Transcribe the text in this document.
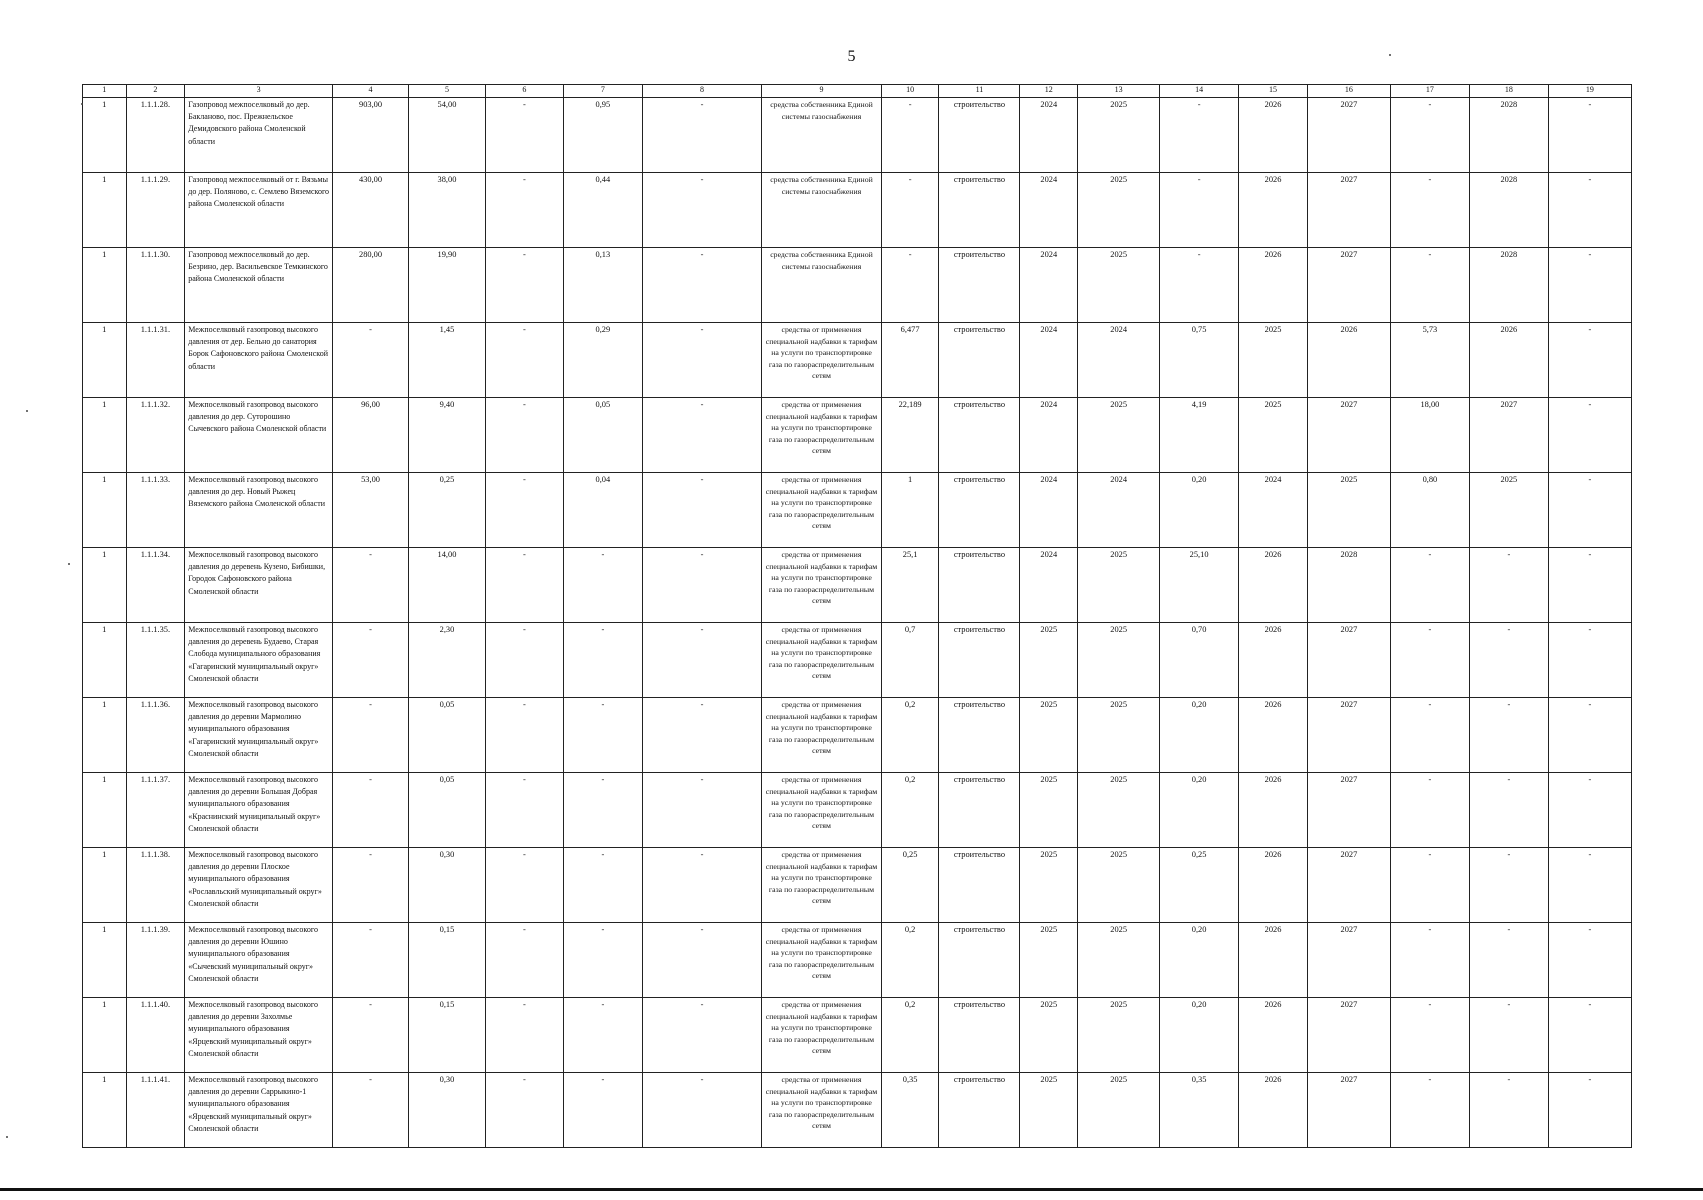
5
1	2	3	4	5	6	7	8	9	10	11	12	13	14	15	16	17	18	19
1	1.1.1.28.	Газопровод межпоселковый до дер. Бакланово, пос. Прежнельское Демидовского района Смоленской области	903,00	54,00	-	0,95	-	средства собственника Единой системы газоснабжения	-	строительство	2024	2025	-	2026	2027	-	2028	-
1	1.1.1.29.	Газопровод межпоселковый от г. Вязьмы до дер. Поляново, с. Семлево Вяземского района Смоленской области	430,00	38,00	-	0,44	-	средства собственника Единой системы газоснабжения	-	строительство	2024	2025	-	2026	2027	-	2028	-
1	1.1.1.30.	Газопровод межпоселковый до дер. Безрино, дер. Васильевское Темкинского района Смоленской области	280,00	19,90	-	0,13	-	средства собственника Единой системы газоснабжения	-	строительство	2024	2025	-	2026	2027	-	2028	-
1	1.1.1.31.	Межпоселковый газопровод высокого давления от дер. Бельно до санатория Борок Сафоновского района Смоленской области	-	1,45	-	0,29	-	средства от применения специальной надбавки к тарифам на услуги по транспортировке газа по газораспределительным сетям	6,477	строительство	2024	2024	0,75	2025	2026	5,73	2026	-
1	1.1.1.32.	Межпоселковый газопровод высокого давления до дер. Суторошино Сычевского района Смоленской области	96,00	9,40	-	0,05	-	средства от применения специальной надбавки к тарифам на услуги по транспортировке газа по газораспределительным сетям	22,189	строительство	2024	2025	4,19	2025	2027	18,00	2027	-
1	1.1.1.33.	Межпоселковый газопровод высокого давления до дер. Новый Рыжец Вяземского района Смоленской области	53,00	0,25	-	0,04	-	средства от применения специальной надбавки к тарифам на услуги по транспортировке газа по газораспределительным сетям	1	строительство	2024	2024	0,20	2024	2025	0,80	2025	-
1	1.1.1.34.	Межпоселковый газопровод высокого давления до деревень Кузено, Бибишки, Городок Сафоновского района Смоленской области	-	14,00	-	-	-	средства от применения специальной надбавки к тарифам на услуги по транспортировке газа по газораспределительным сетям	25,1	строительство	2024	2025	25,10	2026	2028	-	-	-
1	1.1.1.35.	Межпоселковый газопровод высокого давления до деревень Будаево, Старая Слобода муниципального образования «Гагаринский муниципальный округ» Смоленской области	-	2,30	-	-	-	средства от применения специальной надбавки к тарифам на услуги по транспортировке газа по газораспределительным сетям	0,7	строительство	2025	2025	0,70	2026	2027	-	-	-
1	1.1.1.36.	Межпоселковый газопровод высокого давления до деревни Мармолино муниципального образования «Гагаринский муниципальный округ» Смоленской области	-	0,05	-	-	-	средства от применения специальной надбавки к тарифам на услуги по транспортировке газа по газораспределительным сетям	0,2	строительство	2025	2025	0,20	2026	2027	-	-	-
1	1.1.1.37.	Межпоселковый газопровод высокого давления до деревни Большая Добрая муниципального образования «Краснинский муниципальный округ» Смоленской области	-	0,05	-	-	-	средства от применения специальной надбавки к тарифам на услуги по транспортировке газа по газораспределительным сетям	0,2	строительство	2025	2025	0,20	2026	2027	-	-	-
1	1.1.1.38.	Межпоселковый газопровод высокого давления до деревни Плоское муниципального образования «Рославльский муниципальный округ» Смоленской области	-	0,30	-	-	-	средства от применения специальной надбавки к тарифам на услуги по транспортировке газа по газораспределительным сетям	0,25	строительство	2025	2025	0,25	2026	2027	-	-	-
1	1.1.1.39.	Межпоселковый газопровод высокого давления до деревни Юшино муниципального образования «Сычевский муниципальный округ» Смоленской области	-	0,15	-	-	-	средства от применения специальной надбавки к тарифам на услуги по транспортировке газа по газораспределительным сетям	0,2	строительство	2025	2025	0,20	2026	2027	-	-	-
1	1.1.1.40.	Межпоселковый газопровод высокого давления до деревни Захолмье муниципального образования «Ярцевский муниципальный округ» Смоленской области	-	0,15	-	-	-	средства от применения специальной надбавки к тарифам на услуги по транспортировке газа по газораспределительным сетям	0,2	строительство	2025	2025	0,20	2026	2027	-	-	-
1	1.1.1.41.	Межпоселковый газопровод высокого давления до деревни Capрыкино-1 муниципального образования «Ярцевский муниципальный округ» Смоленской области	-	0,30	-	-	-	средства от применения специальной надбавки к тарифам на услуги по транспортировке газа по газораспределительным сетям	0,35	строительство	2025	2025	0,35	2026	2027	-	-	-
